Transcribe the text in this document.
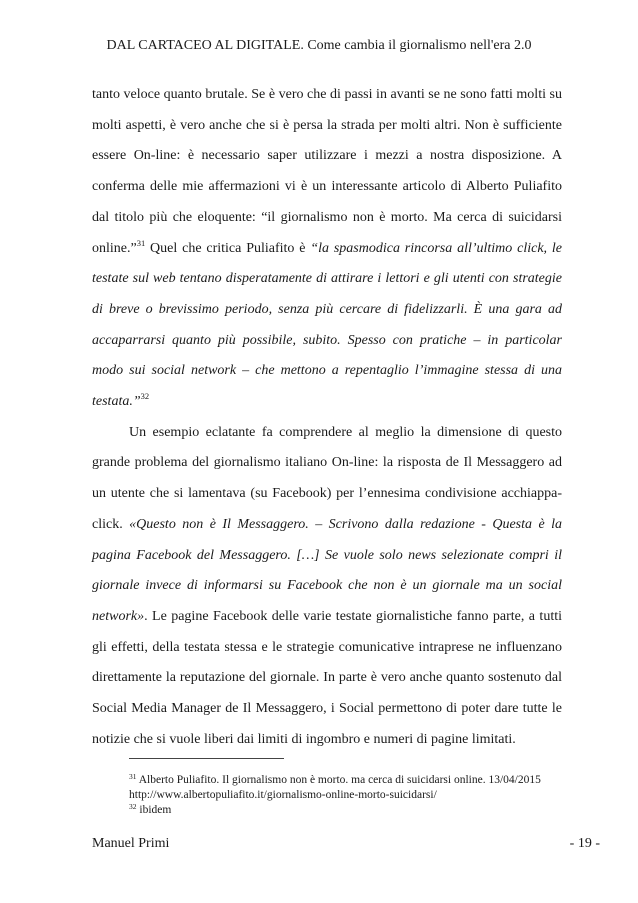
DAL CARTACEO AL DIGITALE. Come cambia il giornalismo nell'era 2.0

tanto veloce quanto brutale. Se è vero che di passi in avanti se ne sono fatti molti su molti aspetti, è vero anche che si è persa la strada per molti altri. Non è sufficiente essere On-line: è necessario saper utilizzare i mezzi a nostra disposizione. A conferma delle mie affermazioni vi è un interessante articolo di Alberto Puliafito dal titolo più che eloquente: “il giornalismo non è morto. Ma cerca di suicidarsi online.”$^{31}$ Quel che critica Puliafito è “la spasmodica rincorsa all’ultimo click, le testate sul web tentano disperatamente di attirare i lettori e gli utenti con strategie di breve o brevissimo periodo, senza più cercare di fidelizzarli. È una gara ad accaparrarsi quanto più possibile, subito. Spesso con pratiche – in particolar modo sui social network – che mettono a repentaglio l’immagine stessa di una testata.”$^{32}$

Un esempio eclatante fa comprendere al meglio la dimensione di questo grande problema del giornalismo italiano On-line: la risposta de Il Messaggero ad un utente che si lamentava (su Facebook) per l’ennesima condivisione acchiappa-click. «Questo non è Il Messaggero. – Scrivono dalla redazione - Questa è la pagina Facebook del Messaggero. […] Se vuole solo news selezionate compri il giornale invece di informarsi su Facebook che non è un giornale ma un social network». Le pagine Facebook delle varie testate giornalistiche fanno parte, a tutti gli effetti, della testata stessa e le strategie comunicative intraprese ne influenzano direttamente la reputazione del giornale. In parte è vero anche quanto sostenuto dal Social Media Manager de Il Messaggero, i Social permettono di poter dare tutte le notizie che si vuole liberi dai limiti di ingombro e numeri di pagine limitati.

$^{31}$ Alberto Puliafito. Il giornalismo non è morto. ma cerca di suicidarsi online. 13/04/2015
http://www.albertopuliafito.it/giornalismo-online-morto-suicidarsi/
$^{32}$ ibidem
Manuel Primi	- 19 -
